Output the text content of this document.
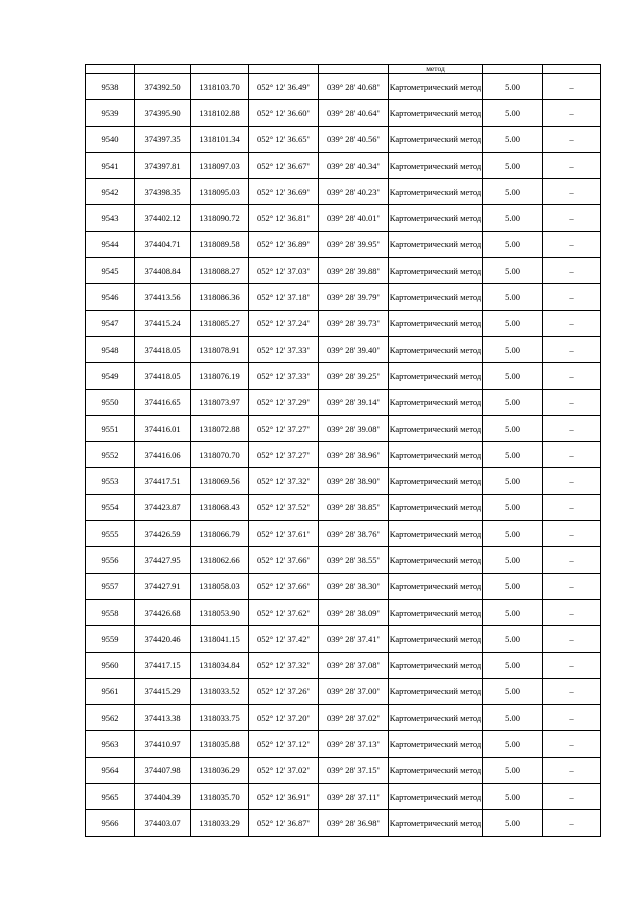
					метод		
9538	374392.50	1318103.70	052° 12' 36.49"	039° 28' 40.68"	Картометрический метод	5.00	–
9539	374395.90	1318102.88	052° 12' 36.60"	039° 28' 40.64"	Картометрический метод	5.00	–
9540	374397.35	1318101.34	052° 12' 36.65"	039° 28' 40.56"	Картометрический метод	5.00	–
9541	374397.81	1318097.03	052° 12' 36.67"	039° 28' 40.34"	Картометрический метод	5.00	–
9542	374398.35	1318095.03	052° 12' 36.69"	039° 28' 40.23"	Картометрический метод	5.00	–
9543	374402.12	1318090.72	052° 12' 36.81"	039° 28' 40.01"	Картометрический метод	5.00	–
9544	374404.71	1318089.58	052° 12' 36.89"	039° 28' 39.95"	Картометрический метод	5.00	–
9545	374408.84	1318088.27	052° 12' 37.03"	039° 28' 39.88"	Картометрический метод	5.00	–
9546	374413.56	1318086.36	052° 12' 37.18"	039° 28' 39.79"	Картометрический метод	5.00	–
9547	374415.24	1318085.27	052° 12' 37.24"	039° 28' 39.73"	Картометрический метод	5.00	–
9548	374418.05	1318078.91	052° 12' 37.33"	039° 28' 39.40"	Картометрический метод	5.00	–
9549	374418.05	1318076.19	052° 12' 37.33"	039° 28' 39.25"	Картометрический метод	5.00	–
9550	374416.65	1318073.97	052° 12' 37.29"	039° 28' 39.14"	Картометрический метод	5.00	–
9551	374416.01	1318072.88	052° 12' 37.27"	039° 28' 39.08"	Картометрический метод	5.00	–
9552	374416.06	1318070.70	052° 12' 37.27"	039° 28' 38.96"	Картометрический метод	5.00	–
9553	374417.51	1318069.56	052° 12' 37.32"	039° 28' 38.90"	Картометрический метод	5.00	–
9554	374423.87	1318068.43	052° 12' 37.52"	039° 28' 38.85"	Картометрический метод	5.00	–
9555	374426.59	1318066.79	052° 12' 37.61"	039° 28' 38.76"	Картометрический метод	5.00	–
9556	374427.95	1318062.66	052° 12' 37.66"	039° 28' 38.55"	Картометрический метод	5.00	–
9557	374427.91	1318058.03	052° 12' 37.66"	039° 28' 38.30"	Картометрический метод	5.00	–
9558	374426.68	1318053.90	052° 12' 37.62"	039° 28' 38.09"	Картометрический метод	5.00	–
9559	374420.46	1318041.15	052° 12' 37.42"	039° 28' 37.41"	Картометрический метод	5.00	–
9560	374417.15	1318034.84	052° 12' 37.32"	039° 28' 37.08"	Картометрический метод	5.00	–
9561	374415.29	1318033.52	052° 12' 37.26"	039° 28' 37.00"	Картометрический метод	5.00	–
9562	374413.38	1318033.75	052° 12' 37.20"	039° 28' 37.02"	Картометрический метод	5.00	–
9563	374410.97	1318035.88	052° 12' 37.12"	039° 28' 37.13"	Картометрический метод	5.00	–
9564	374407.98	1318036.29	052° 12' 37.02"	039° 28' 37.15"	Картометрический метод	5.00	–
9565	374404.39	1318035.70	052° 12' 36.91"	039° 28' 37.11"	Картометрический метод	5.00	–
9566	374403.07	1318033.29	052° 12' 36.87"	039° 28' 36.98"	Картометрический метод	5.00	–
